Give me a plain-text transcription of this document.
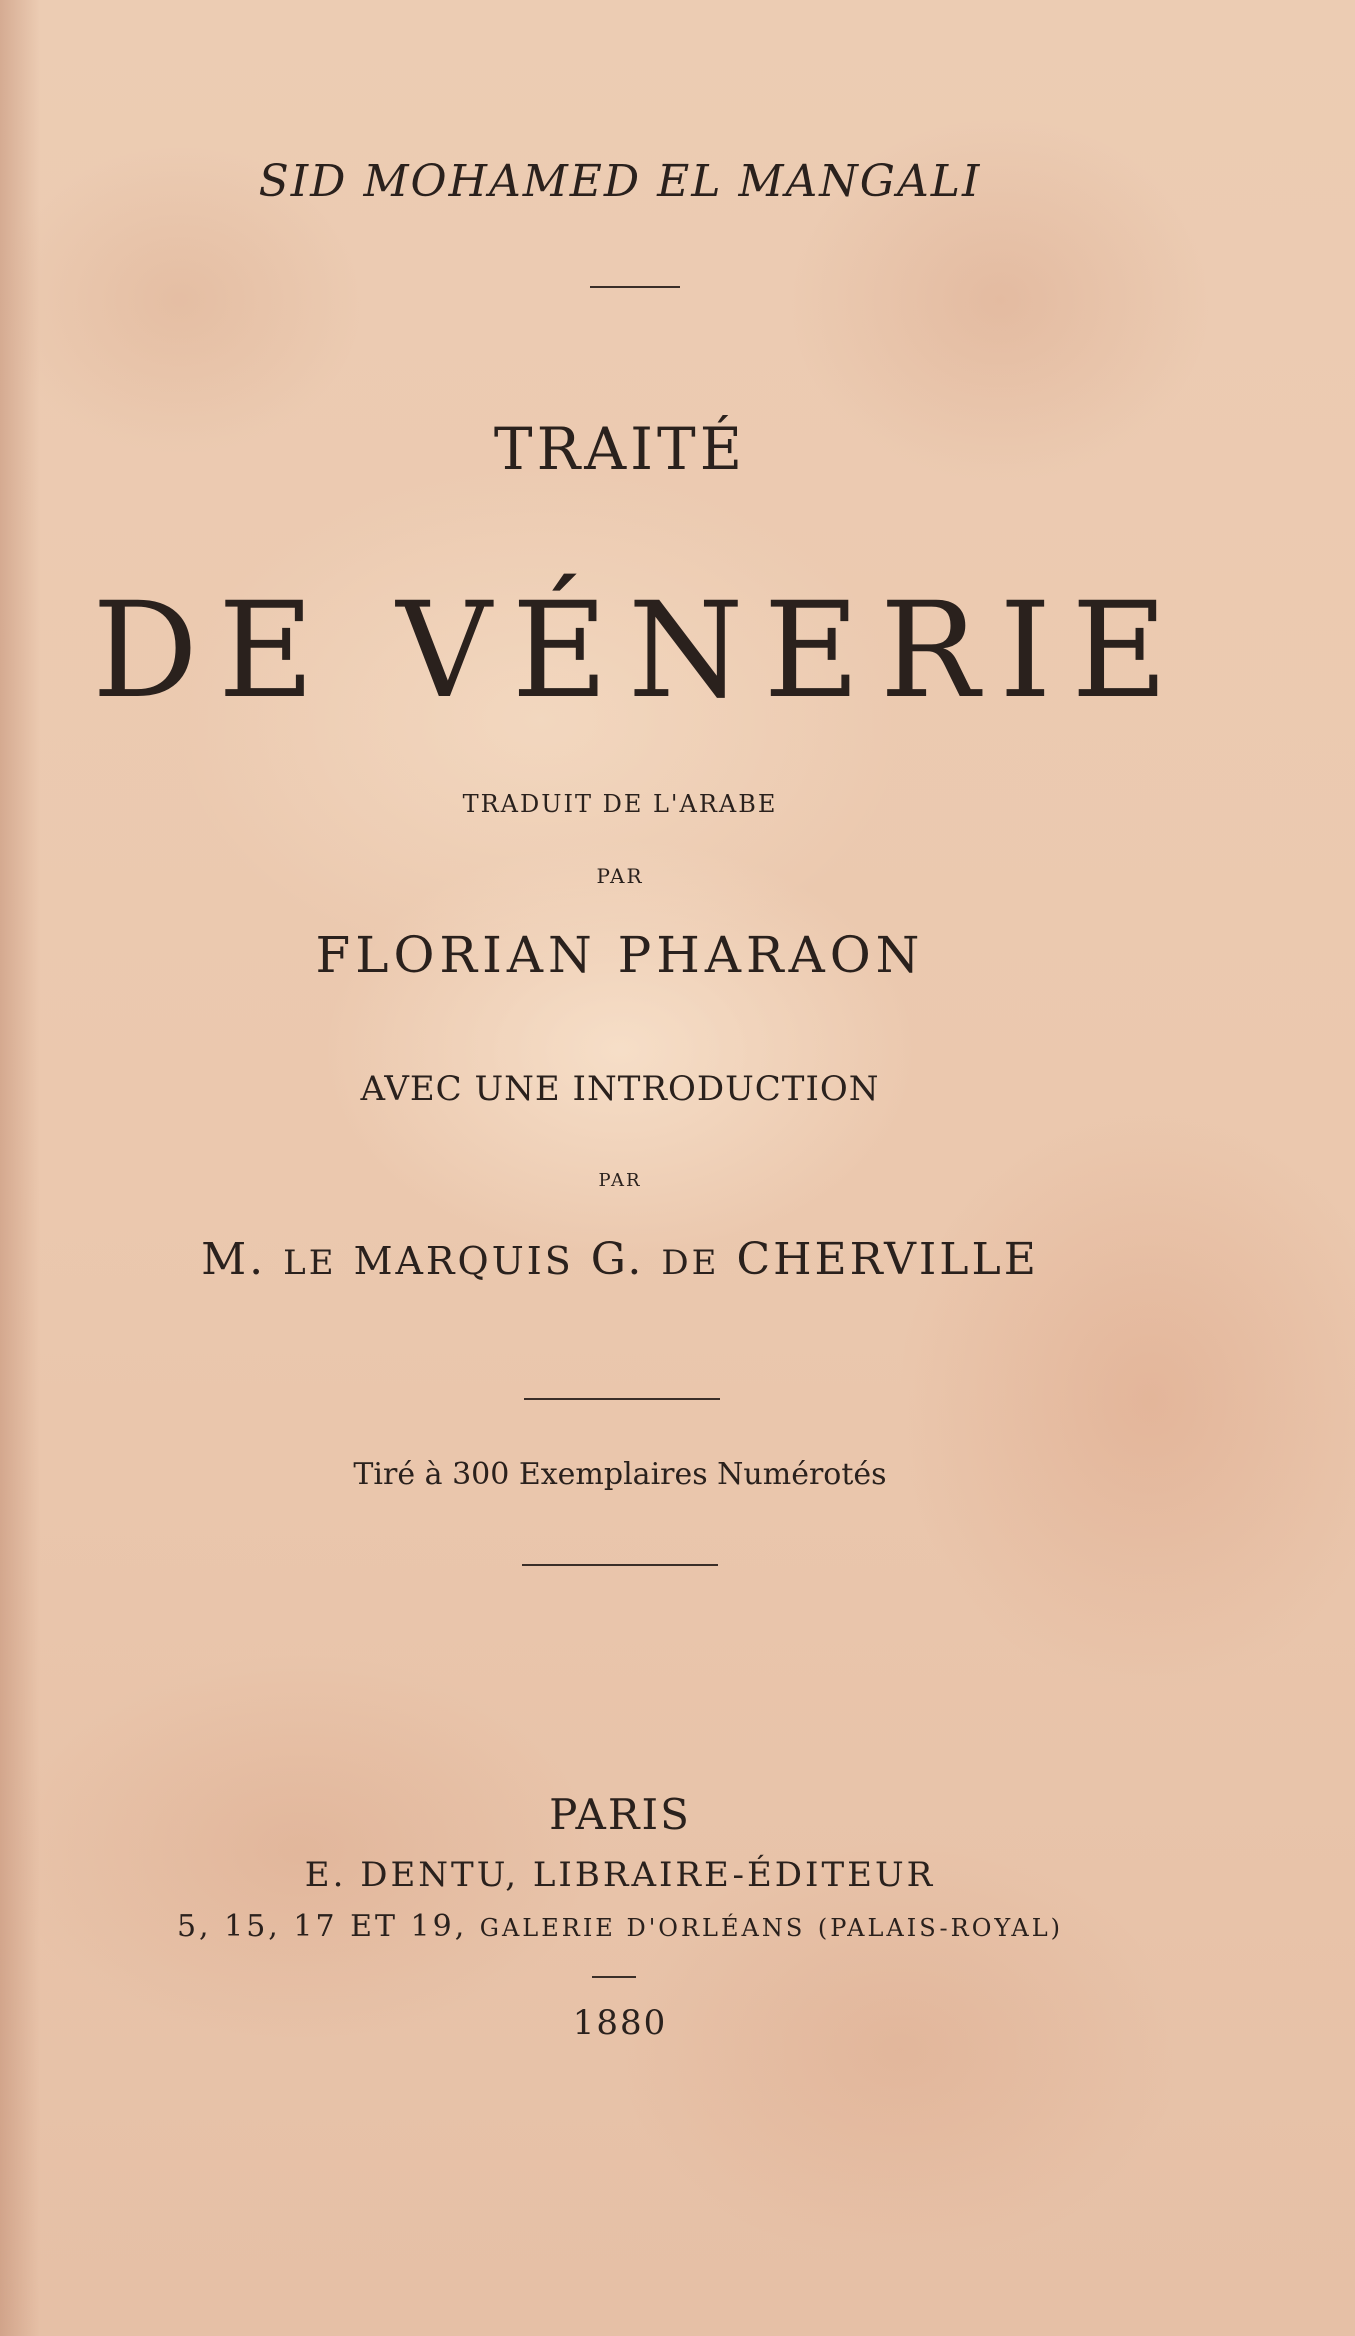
SID MOHAMED EL MANGALI

TRAITÉ

DE VÉNERIE

TRADUIT DE L'ARABE

PAR

FLORIAN PHARAON

AVEC UNE INTRODUCTION

PAR

M. LE MARQUIS G. DE CHERVILLE

Tiré à 300 Exemplaires Numérotés

PARIS

E. DENTU, LIBRAIRE-ÉDITEUR

5, 15, 17 ET 19, GALERIE D'ORLÉANS (PALAIS-ROYAL)

1880
